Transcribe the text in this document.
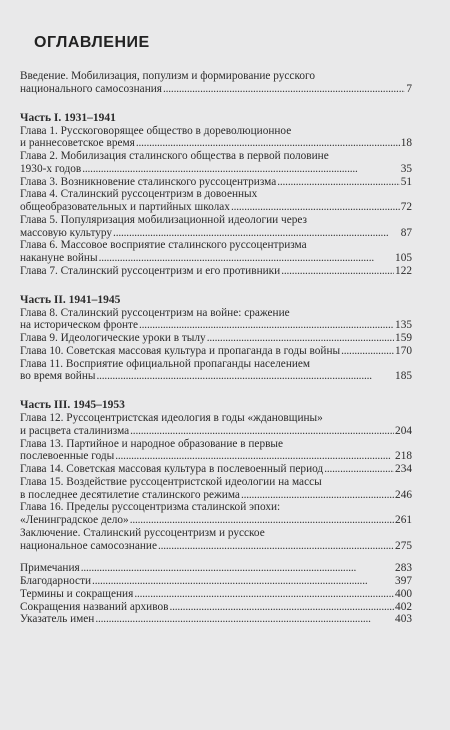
ОГЛАВЛЕНИЕ
Введение. Мобилизация, популизм и формирование русского
национального самосознания . . .	7
Часть I. 1931–1941
Глава 1. Русскоговорящее общество в дореволюционное
и раннесоветское время . . .	18
Глава 2. Мобилизация сталинского общества в первой половине
1930-х годов . . .	35
Глава 3. Возникновение сталинского руссоцентризма . . .	51
Глава 4. Сталинский руссоцентризм в довоенных
общеобразовательных и партийных школах . . .	72
Глава 5. Популяризация мобилизационной идеологии через
массовую культуру . . .	87
Глава 6. Массовое восприятие сталинского руссоцентризма
накануне войны . . .	105
Глава 7. Сталинский руссоцентризм и его противники . . .	122
Часть II. 1941–1945
Глава 8. Сталинский руссоцентризм на войне: сражение
на историческом фронте . . .	135
Глава 9. Идеологические уроки в тылу . . .	159
Глава 10. Советская массовая культура и пропаганда в годы войны . . .	170
Глава 11. Восприятие официальной пропаганды населением
во время войны . . .	185
Часть III. 1945–1953
Глава 12. Руссоцентристская идеология в годы «ждановщины»
и расцвета сталинизма . . .	204
Глава 13. Партийное и народное образование в первые
послевоенные годы . . .	218
Глава 14. Советская массовая культура в послевоенный период . . .	234
Глава 15. Воздействие руссоцентристской идеологии на массы
в последнее десятилетие сталинского режима . . .	246
Глава 16. Пределы руссоцентризма сталинской эпохи:
«Ленинградское дело» . . .	261
Заключение. Сталинский руссоцентризм и русское
национальное самосознание . . .	275
Примечания . . .	283
Благодарности . . .	397
Термины и сокращения . . .	400
Сокращения названий архивов . . .	402
Указатель имен . . .	403
